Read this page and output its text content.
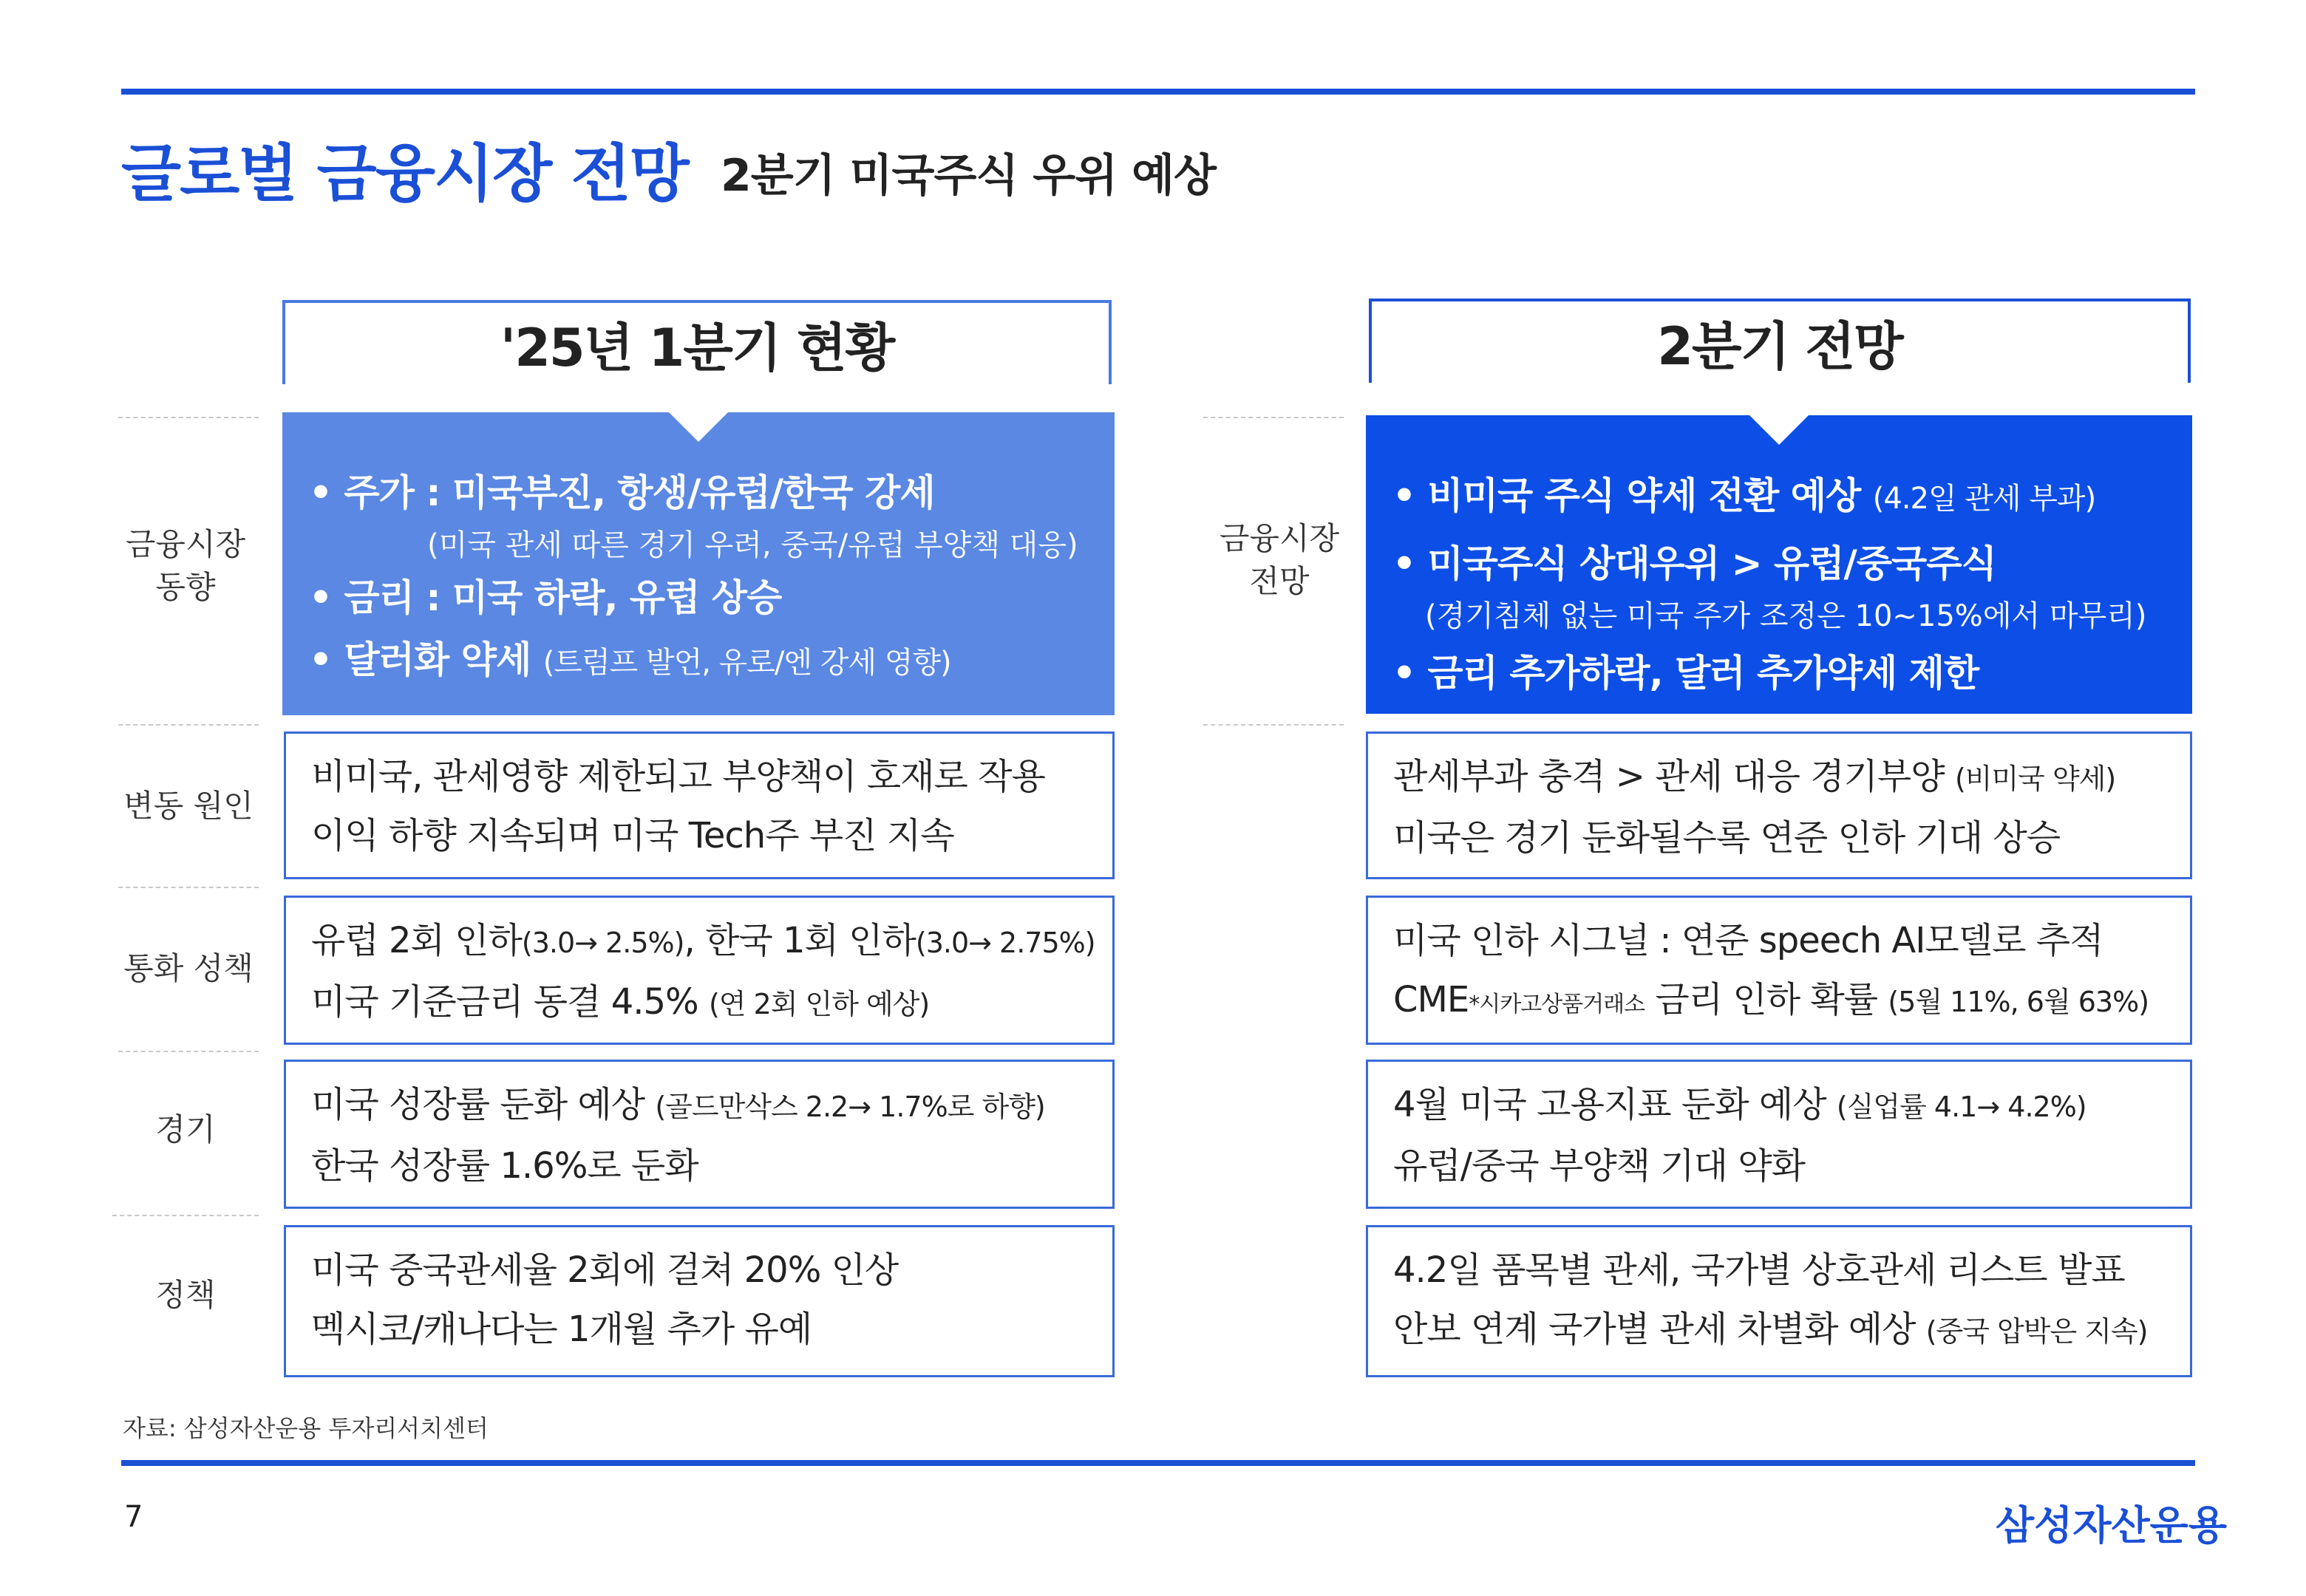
글로벌 금융시장 전망 2분기 미국주식 우위 예상
'25년 1분기 현황	2분기 전망
금융시장
동향
금융시장
전망
• 주가 : 미국부진, 항생/유럽/한국 강세
(미국 관세 따른 경기 우려, 중국/유럽 부양책 대응)
• 금리 : 미국 하락, 유럽 상승
• 달러화 약세 (트럼프 발언, 유로/엔 강세 영향)
• 비미국 주식 약세 전환 예상 (4.2일 관세 부과)
• 미국주식 상대우위 > 유럽/중국주식
(경기침체 없는 미국 주가 조정은 10~15%에서 마무리)
• 금리 추가하락, 달러 추가약세 제한
변동 원인
통화 성책
경기
정책
비미국, 관세영향 제한되고 부양책이 호재로 작용
이익 하향 지속되며 미국 Tech주 부진 지속
관세부과 충격 > 관세 대응 경기부양 (비미국 약세)
미국은 경기 둔화될수록 연준 인하 기대 상승
유럽 2회 인하(3.0→ 2.5%), 한국 1회 인하(3.0→ 2.75%)
미국 기준금리 동결 4.5% (연 2회 인하 예상)
미국 인하 시그널 : 연준 speech AI모델로 추적
CME*시카고상품거래소 금리 인하 확률 (5월 11%, 6월 63%)
미국 성장률 둔화 예상 (골드만삭스 2.2→ 1.7%로 하향)
한국 성장률 1.6%로 둔화
4월 미국 고용지표 둔화 예상 (실업률 4.1→ 4.2%)
유럽/중국 부양책 기대 약화
미국 중국관세율 2회에 걸쳐 20% 인상
멕시코/캐나다는 1개월 추가 유예
4.2일 품목별 관세, 국가별 상호관세 리스트 발표
안보 연계 국가별 관세 차별화 예상 (중국 압박은 지속)
자료: 삼성자산운용 투자리서치센터
7	삼성자산운용
